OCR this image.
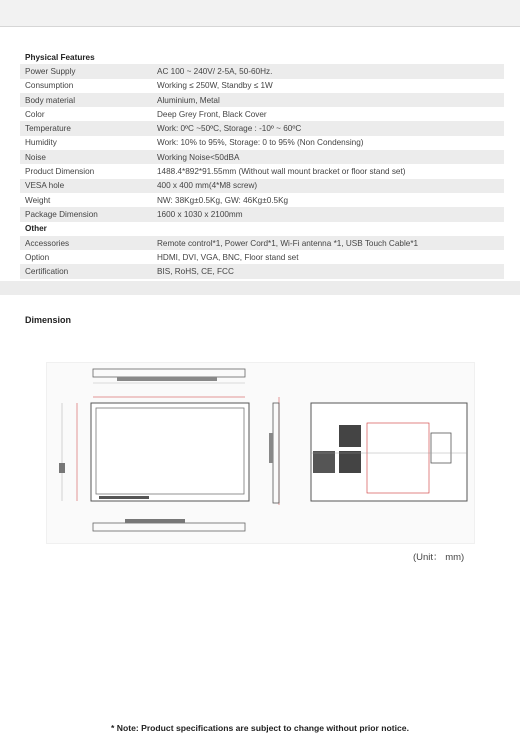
Physical Features
Power Supply	AC 100 ~ 240V/ 2-5A, 50-60Hz.
Consumption	Working ≤ 250W, Standby ≤ 1W
Body material	Aluminium, Metal
Color	Deep Grey Front, Black Cover
Temperature	Work: 0ºC ~50ºC, Storage : -10º ~ 60ºC
Humidity	Work: 10% to 95%, Storage: 0 to 95% (Non Condensing)
Noise	Working Noise<50dBA
Product Dimension	1488.4*892*91.55mm (Without wall mount bracket or floor stand set)
VESA hole	400 x 400 mm(4*M8 screw)
Weight	NW: 38Kg±0.5Kg, GW: 46Kg±0.5Kg
Package Dimension	1600 x 1030 x 2100mm
Other
Accessories	Remote control*1, Power Cord*1, Wi-Fi antenna *1, USB Touch Cable*1
Option	HDMI, DVI, VGA, BNC, Floor stand set
Certification	BIS, RoHS, CE, FCC
Dimension
(Unit： mm)
* Note: Product specifications are subject to change without prior notice.
